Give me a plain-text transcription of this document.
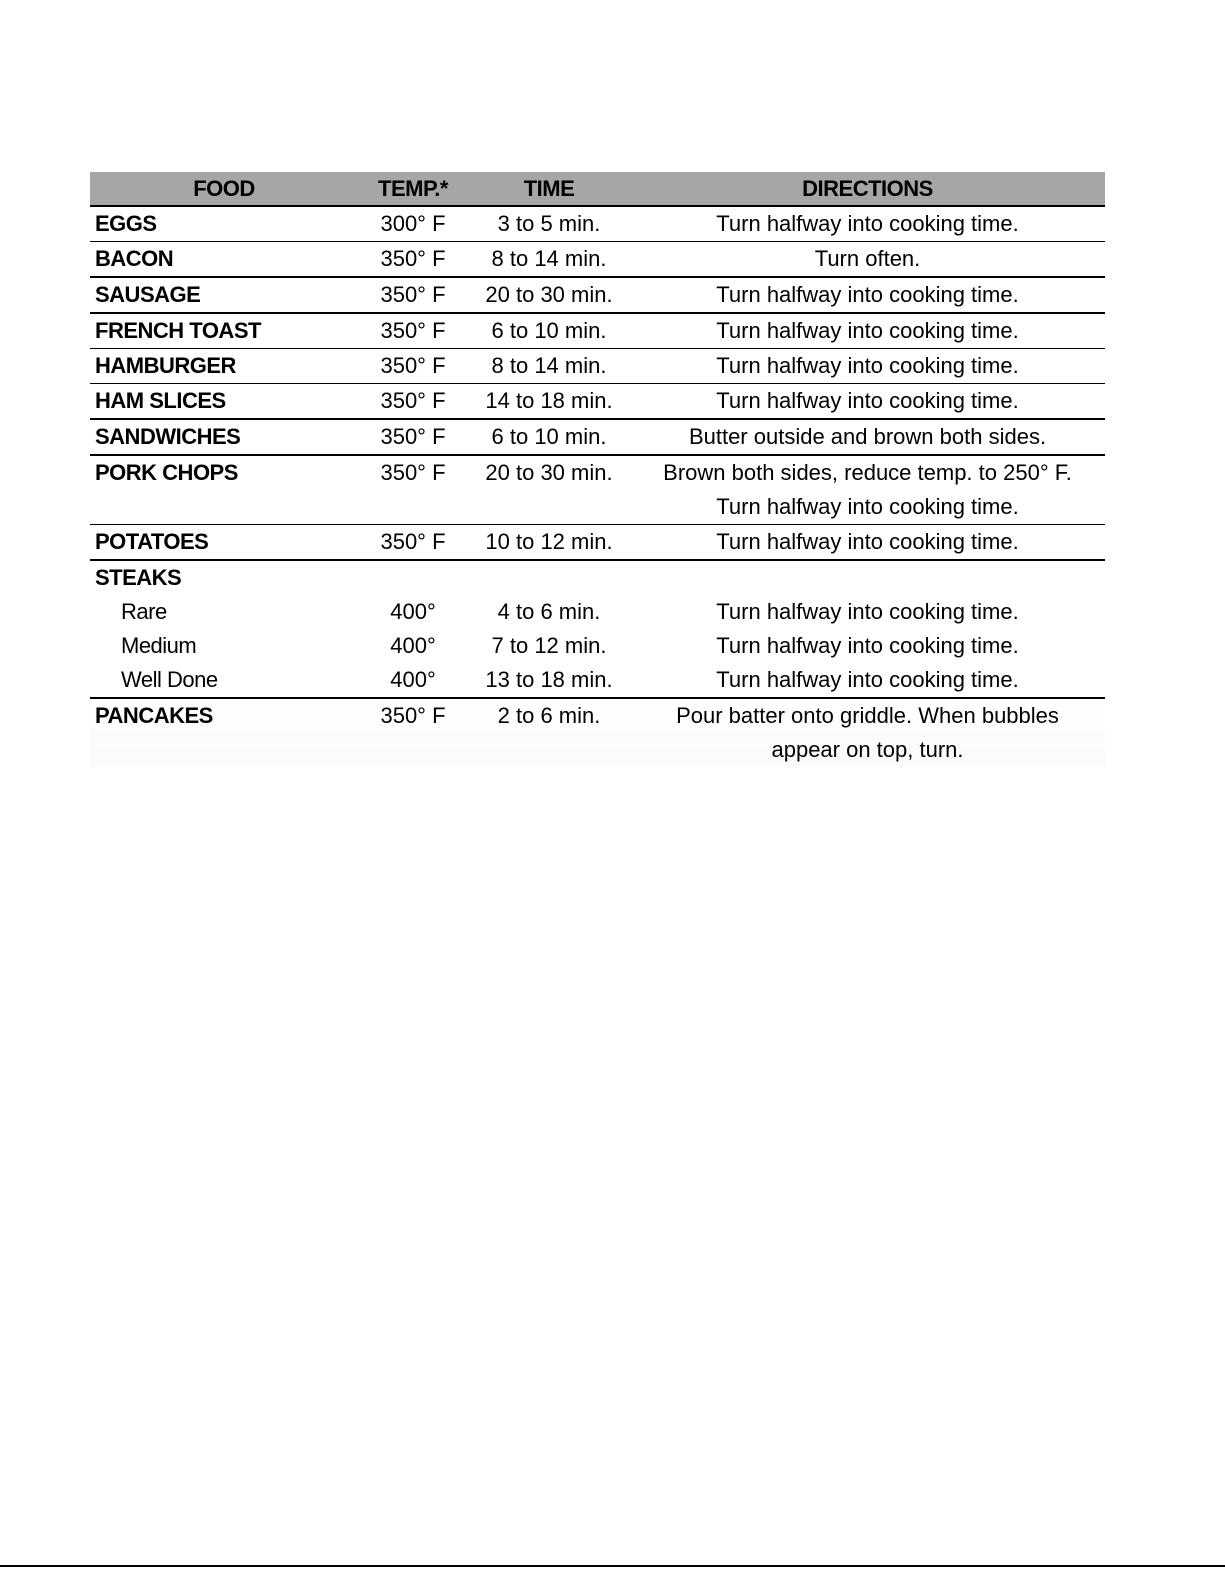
FOOD	TEMP.*	TIME	DIRECTIONS
EGGS	300° F	3 to 5 min.	Turn halfway into cooking time.
BACON	350° F	8 to 14 min.	Turn often.
SAUSAGE	350° F	20 to 30 min.	Turn halfway into cooking time.
FRENCH TOAST	350° F	6 to 10 min.	Turn halfway into cooking time.
HAMBURGER	350° F	8 to 14 min.	Turn halfway into cooking time.
HAM SLICES	350° F	14 to 18 min.	Turn halfway into cooking time.
SANDWICHES	350° F	6 to 10 min.	Butter outside and brown both sides.
PORK CHOPS	350° F	20 to 30 min.	Brown both sides, reduce temp. to 250° F.
Turn halfway into cooking time.

POTATOES	350° F	10 to 12 min.	Turn halfway into cooking time.
STEAKS			
Rare	400°	4 to 6 min.	Turn halfway into cooking time.
Medium	400°	7 to 12 min.	Turn halfway into cooking time.
Well Done	400°	13 to 18 min.	Turn halfway into cooking time.
PANCAKES	350° F	2 to 6 min.	Pour batter onto griddle. When bubbles
appear on top, turn.
